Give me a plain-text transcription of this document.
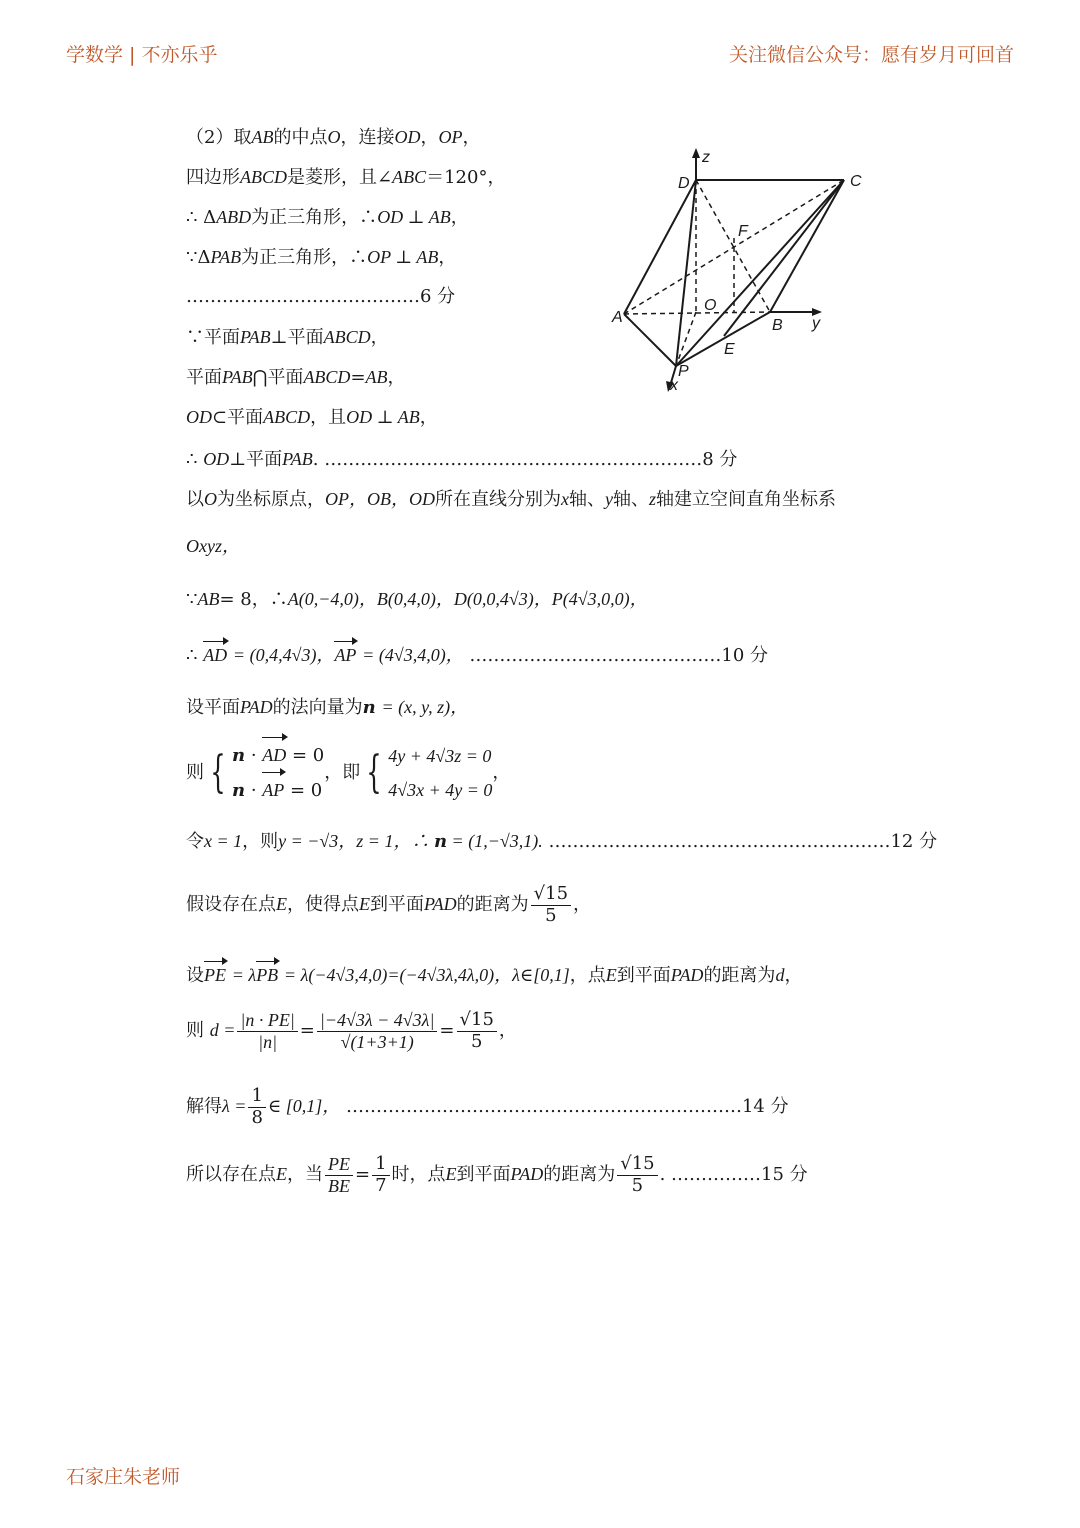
学数学 | 不亦乐乎	关注微信公众号：愿有岁月可回首
z
D	C
F
O
A	B y
E
P
x
（2）取AB的中点O，连接OD，OP，
四边形ABCD是菱形，且∠ABC＝120°，
∴ ΔABD为正三角形，∴OD ⊥ AB，
∵ΔPAB为正三角形，∴OP ⊥ AB，
…………………………………6 分
∵平面PAB⊥平面ABCD，
平面PAB⋂平面ABCD=AB，
OD⊂平面ABCD，且OD ⊥ AB，
∴ OD⊥平面PAB. ………………………………………………………8 分
以O为坐标原点，OP，OB，OD所在直线分别为x轴、y轴、z轴建立空间直角坐标系
Oxyz，
∵AB= 8，∴A(0,−4,0)，B(0,4,0)，D(0,0,4√3)，P(4√3,0,0)，
∴ AD = (0,4,4√3)，AP = (4√3,4,0)， ……………………………………10 分
设平面PAD的法向量为n = (x, y, z)，
则 { n · AD = 0
n · AP = 0
，即 { 4y + 4√3z = 0
4√3x + 4y = 0
，
令x = 1，则y = −√3，z = 1，∴ n = (1,−√3,1). …………………………………………………12 分
假设存在点E，使得点E到平面PAD的距离为 $\frac{√15}{5}$ ，
设PE = λPB = λ(−4√3,4,0)=(−4√3λ,4λ,0)，λ∈[0,1]，点E到平面PAD的距离为d，
则 $d = \frac{|n \cdot PE|}{|n|} = \frac{|-4√3\lambda - 4√3\lambda|}{√(1+3+1)} = \frac{√15}{5}$ ，
解得$\lambda = \frac{1}{8}$ ∈ [0,1]， …………………………………………………………14 分
所以存在点E，当 $\frac{PE}{BE} = \frac{1}{7}$ 时，点E到平面PAD的距离为 $\frac{√15}{5}$ . ……………15 分
石家庄朱老师
